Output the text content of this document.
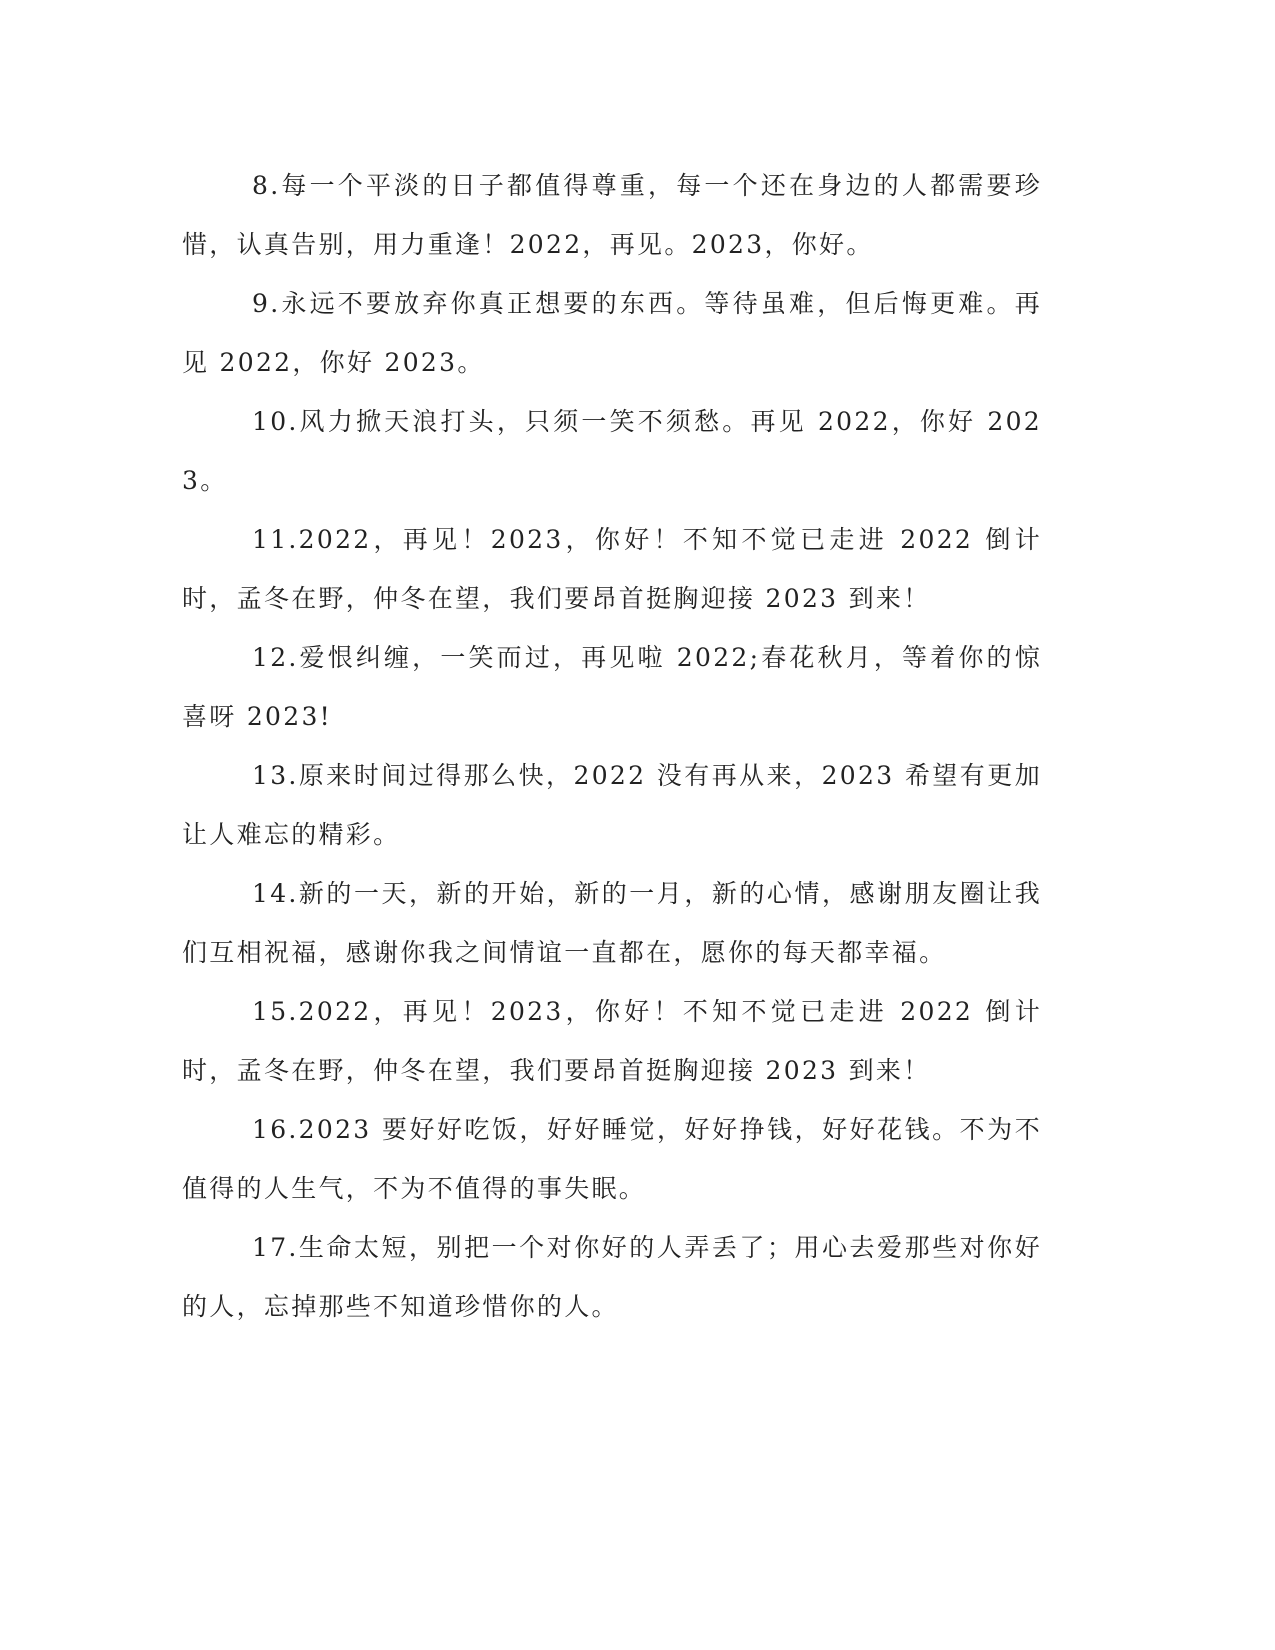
8.每一个平淡的日子都值得尊重，每一个还在身边的人都需要珍惜，认真告别，用力重逢！2022，再见。2023，你好。

9.永远不要放弃你真正想要的东西。等待虽难，但后悔更难。再见 2022，你好 2023。

10.风力掀天浪打头，只须一笑不须愁。再见 2022，你好 2023。

11.2022，再见！2023，你好！不知不觉已走进 2022 倒计时，孟冬在野，仲冬在望，我们要昂首挺胸迎接 2023 到来！

12.爱恨纠缠，一笑而过，再见啦 2022;春花秋月，等着你的惊喜呀 2023!

13.原来时间过得那么快，2022 没有再从来，2023 希望有更加让人难忘的精彩。

14.新的一天，新的开始，新的一月，新的心情，感谢朋友圈让我们互相祝福，感谢你我之间情谊一直都在，愿你的每天都幸福。

15.2022，再见！2023，你好！不知不觉已走进 2022 倒计时，孟冬在野，仲冬在望，我们要昂首挺胸迎接 2023 到来！

16.2023 要好好吃饭，好好睡觉，好好挣钱，好好花钱。不为不值得的人生气，不为不值得的事失眠。

17.生命太短，别把一个对你好的人弄丢了；用心去爱那些对你好的人，忘掉那些不知道珍惜你的人。
